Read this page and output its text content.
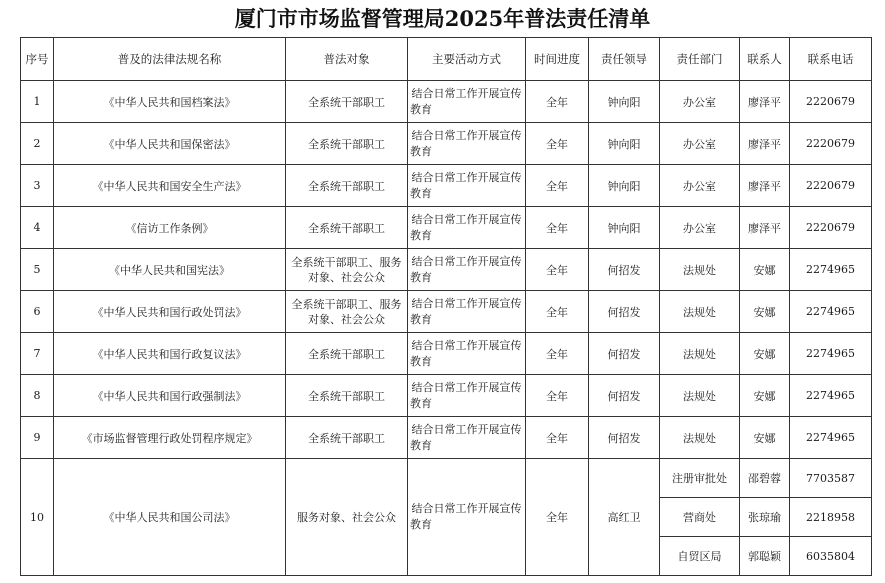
厦门市市场监督管理局2025年普法责任清单
序号	普及的法律法规名称	普法对象	主要活动方式	时间进度	责任领导	责任部门	联系人	联系电话
1	《中华人民共和国档案法》	全系统干部职工	结合日常工作开展宣传教育	全年	钟向阳	办公室	廖泽平	2220679
2	《中华人民共和国保密法》	全系统干部职工	结合日常工作开展宣传教育	全年	钟向阳	办公室	廖泽平	2220679
3	《中华人民共和国安全生产法》	全系统干部职工	结合日常工作开展宣传教育	全年	钟向阳	办公室	廖泽平	2220679
4	《信访工作条例》	全系统干部职工	结合日常工作开展宣传教育	全年	钟向阳	办公室	廖泽平	2220679
5	《中华人民共和国宪法》	全系统干部职工、服务对象、社会公众	结合日常工作开展宣传教育	全年	何招发	法规处	安娜	2274965
6	《中华人民共和国行政处罚法》	全系统干部职工、服务对象、社会公众	结合日常工作开展宣传教育	全年	何招发	法规处	安娜	2274965
7	《中华人民共和国行政复议法》	全系统干部职工	结合日常工作开展宣传教育	全年	何招发	法规处	安娜	2274965
8	《中华人民共和国行政强制法》	全系统干部职工	结合日常工作开展宣传教育	全年	何招发	法规处	安娜	2274965
9	《市场监督管理行政处罚程序规定》	全系统干部职工	结合日常工作开展宣传教育	全年	何招发	法规处	安娜	2274965
10	《中华人民共和国公司法》	服务对象、社会公众	结合日常工作开展宣传教育	全年	高红卫	注册审批处	邵碧蓉	7703587
						营商处	张琼瑜	2218958
						自贸区局	郭聪颖	6035804
